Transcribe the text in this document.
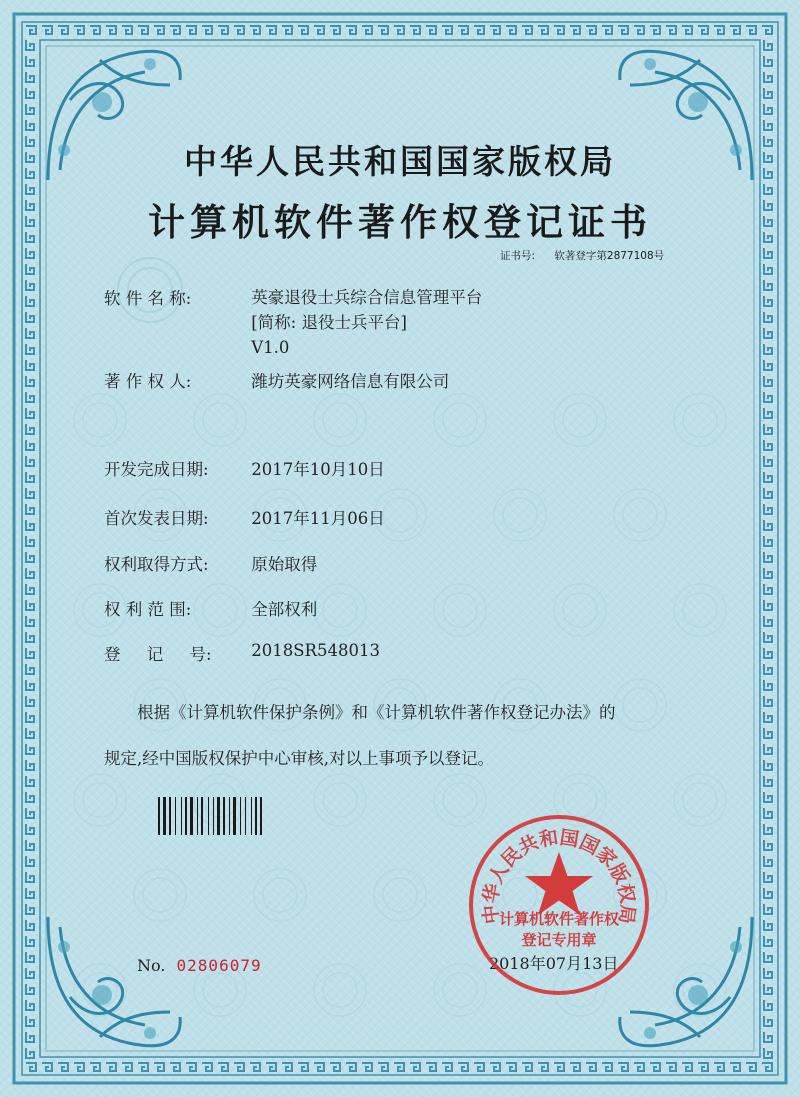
中华人民共和国国家版权局
计算机软件著作权登记证书
证书号: 软著登字第2877108号
软 件 名 称:	英豪退役士兵综合信息管理平台
[简称: 退役士兵平台]
V1.0
著 作 权 人:	潍坊英豪网络信息有限公司
开发完成日期:	2017年10月10日
首次发表日期:	2017年11月06日
权利取得方式:	原始取得
权 利 范 围:	全部权利
登     记     号: 2018SR548013
根据《计算机软件保护条例》和《计算机软件著作权登记办法》的
规定,经中国版权保护中心审核,对以上事项予以登记。
No. 02806079	2018年07月13日
中华人民共和国国家版权局
计算机软件著作权
登记专用章
